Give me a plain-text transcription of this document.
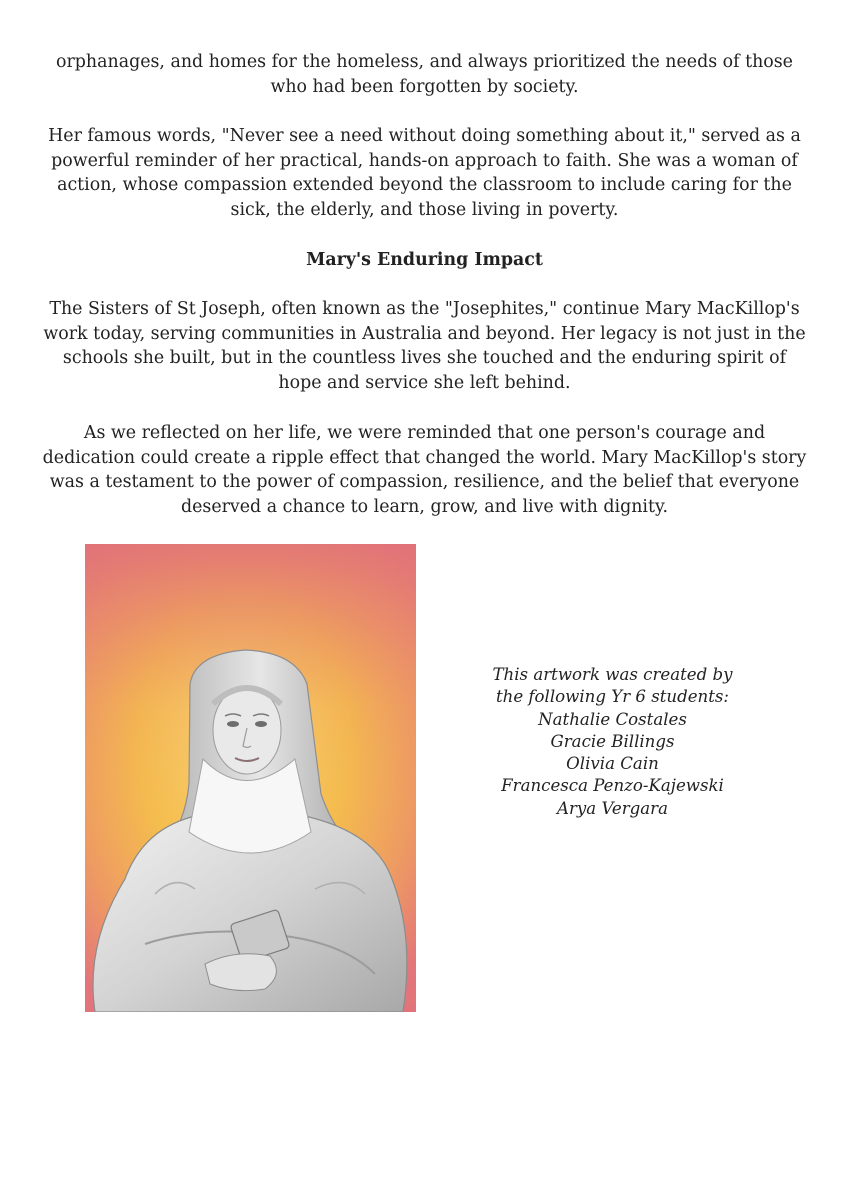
orphanages, and homes for the homeless, and always prioritized the needs of those who had been forgotten by society.

Her famous words, "Never see a need without doing something about it," served as a powerful reminder of her practical, hands-on approach to faith. She was a woman of action, whose compassion extended beyond the classroom to include caring for the sick, the elderly, and those living in poverty.

Mary's Enduring Impact

The Sisters of St Joseph, often known as the "Josephites," continue Mary MacKillop's work today, serving communities in Australia and beyond. Her legacy is not just in the schools she built, but in the countless lives she touched and the enduring spirit of hope and service she left behind.

As we reflected on her life, we were reminded that one person's courage and dedication could create a ripple effect that changed the world. Mary MacKillop's story was a testament to the power of compassion, resilience, and the belief that everyone deserved a chance to learn, grow, and live with dignity.

This artwork was created by
the following Yr 6 students:
Nathalie Costales
Gracie Billings
Olivia Cain
Francesca Penzo-Kajewski
Arya Vergara
